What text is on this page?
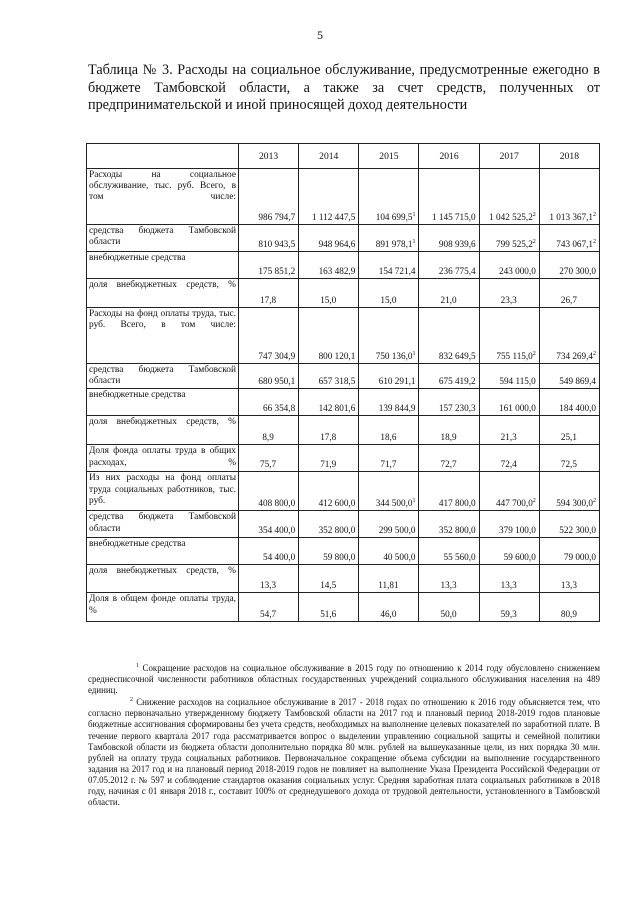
5
Таблица № 3. Расходы на социальное обслуживание, предусмотренные ежегодно в бюджете Тамбовской области, а также за счет средств, полученных от предпринимательской и иной приносящей доход деятельности
	2013	2014	2015	2016	2017	2018
Расходы на социальное обслуживание, тыс. руб. Всего, в том числе:	986 794,7	1 112 447,5	104 699,5$^1$	1 145 715,0	1 042 525,2$^2$	1 013 367,1$^2$
средства бюджета Тамбовской области	810 943,5	948 964,6	891 978,1$^1$	908 939,6	799 525,2$^2$	743 067,1$^2$
внебюджетные средства	175 851,2	163 482,9	154 721,4	236 775,4	243 000,0	270 300,0
доля внебюджетных средств, %	17,8	15,0	15,0	21,0	23,3	26,7
Расходы на фонд оплаты труда, тыс. руб. Всего, в том числе:	747 304,9	800 120,1	750 136,0$^1$	832 649,5	755 115,0$^2$	734 269,4$^2$
средства бюджета Тамбовской области	680 950,1	657 318,5	610 291,1	675 419,2	594 115,0	549 869,4
внебюджетные средства	66 354,8	142 801,6	139 844,9	157 230,3	161 000,0	184 400,0
доля внебюджетных средств, %	8,9	17,8	18,6	18,9	21,3	25,1
Доля фонда оплаты труда в общих расходах, %	75,7	71,9	71,7	72,7	72,4	72,5
Из них расходы на фонд оплаты труда социальных работников, тыс. руб.	408 800,0	412 600,0	344 500,0$^1$	417 800,0	447 700,0$^2$	594 300,0$^2$
средства бюджета Тамбовской области	354 400,0	352 800,0	299 500,0	352 800,0	379 100,0	522 300,0
внебюджетные средства	54 400,0	59 800,0	40 500,0	55 560,0	59 600,0	79 000,0
доля внебюджетных средств, %	13,3	14,5	11,81	13,3	13,3	13,3
Доля в общем фонде оплаты труда, %	54,7	51,6	46,0	50,0	59,3	80,9

$^1$ Сокращение расходов на социальное обслуживание в 2015 году по отношению к 2014 году обусловлено снижением среднесписочной численности работников областных государственных учреждений социального обслуживания населения на 489 единиц.

$^2$ Снижение расходов на социальное обслуживание в 2017 - 2018 годах по отношению к 2016 году объясняется тем, что согласно первоначально утвержденному бюджету Тамбовской области на 2017 год и плановый период 2018-2019 годов плановые бюджетные ассигнования сформированы без учета средств, необходимых на выполнение целевых показателей по заработной плате. В течение первого квартала 2017 года рассматривается вопрос о выделении управлению социальной защиты и семейной политики Тамбовской области из бюджета области дополнительно порядка 80 млн. рублей на вышеуказанные цели, из них порядка 30 млн. рублей на оплату труда социальных работников. Первоначальное сокращение объема субсидии на выполнение государственного задания на 2017 год и на плановый период 2018-2019 годов не повлияет на выполнение Указа Президента Российской Федерации от 07.05.2012 г. № 597 и соблюдение стандартов оказания социальных услуг. Средняя заработная плата социальных работников в 2018 году, начиная с 01 января 2018 г., составит 100% от среднедушевого дохода от трудовой деятельности, установленного в Тамбовской области.
